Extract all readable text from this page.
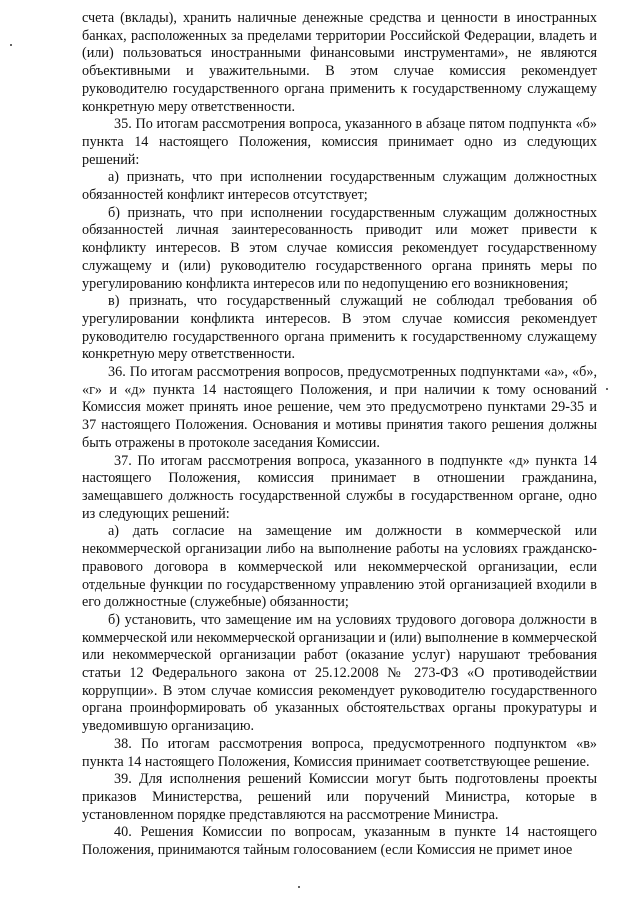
счета (вклады), хранить наличные денежные средства и ценности в иностранных банках, расположенных за пределами территории Российской Федерации, владеть и (или) пользоваться иностранными финансовыми инструментами», не являются объективными и уважительными. В этом случае комиссия рекомендует руководителю государственного органа применить к государственному служащему конкретную меру ответственности.

35. По итогам рассмотрения вопроса, указанного в абзаце пятом подпункта «б» пункта 14 настоящего Положения, комиссия принимает одно из следующих решений:

а) признать, что при исполнении государственным служащим должностных обязанностей конфликт интересов отсутствует;

б) признать, что при исполнении государственным служащим должностных обязанностей личная заинтересованность приводит или может привести к конфликту интересов. В этом случае комиссия рекомендует государственному служащему и (или) руководителю государственного органа принять меры по урегулированию конфликта интересов или по недопущению его возникновения;

в) признать, что государственный служащий не соблюдал требования об урегулировании конфликта интересов. В этом случае комиссия рекомендует руководителю государственного органа применить к государственному служащему конкретную меру ответственности.

36. По итогам рассмотрения вопросов, предусмотренных подпунктами «а», «б», «г» и «д» пункта 14 настоящего Положения, и при наличии к тому оснований Комиссия может принять иное решение, чем это предусмотрено пунктами 29-35 и 37 настоящего Положения. Основания и мотивы принятия такого решения должны быть отражены в протоколе заседания Комиссии.

37. По итогам рассмотрения вопроса, указанного в подпункте «д» пункта 14 настоящего Положения, комиссия принимает в отношении гражданина, замещавшего должность государственной службы в государственном органе, одно из следующих решений:

а) дать согласие на замещение им должности в коммерческой или некоммерческой организации либо на выполнение работы на условиях гражданско-правового договора в коммерческой или некоммерческой организации, если отдельные функции по государственному управлению этой организацией входили в его должностные (служебные) обязанности;

б) установить, что замещение им на условиях трудового договора должности в коммерческой или некоммерческой организации и (или) выполнение в коммерческой или некоммерческой организации работ (оказание услуг) нарушают требования статьи 12 Федерального закона от 25.12.2008 № 273-ФЗ «О противодействии коррупции». В этом случае комиссия рекомендует руководителю государственного органа проинформировать об указанных обстоятельствах органы прокуратуры и уведомившую организацию.

38. По итогам рассмотрения вопроса, предусмотренного подпунктом «в» пункта 14 настоящего Положения, Комиссия принимает соответствующее решение.

39. Для исполнения решений Комиссии могут быть подготовлены проекты приказов Министерства, решений или поручений Министра, которые в установленном порядке представляются на рассмотрение Министра.

40. Решения Комиссии по вопросам, указанным в пункте 14 настоящего Положения, принимаются тайным голосованием (если Комиссия не примет иное
